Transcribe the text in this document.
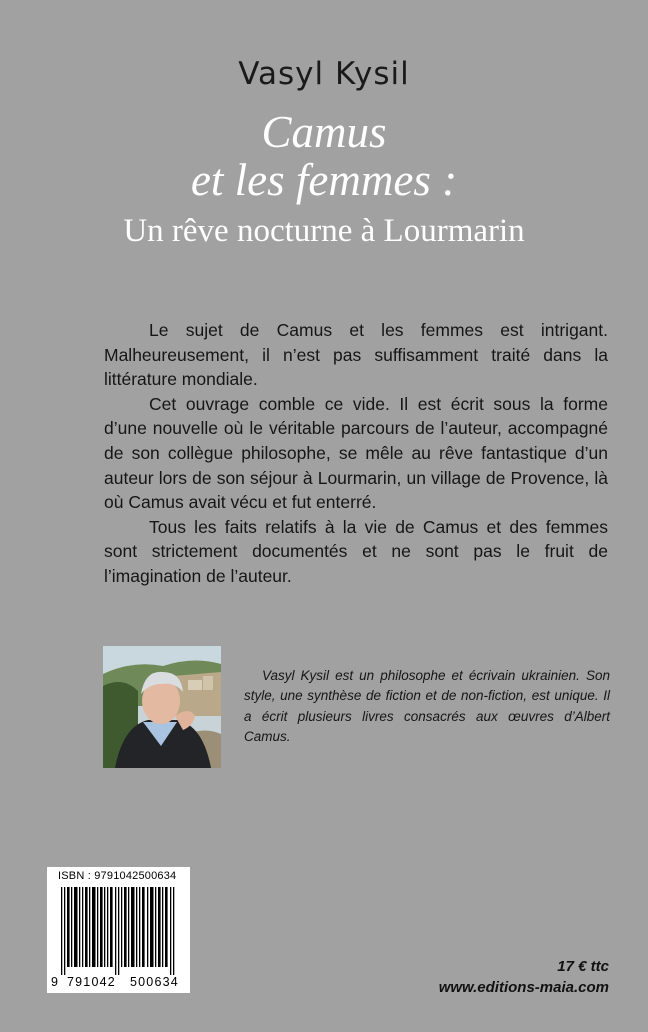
Vasyl Kysil
Camus
et les femmes :
Un rêve nocturne à Lourmarin

Le sujet de Camus et les femmes est intrigant. Malheureusement, il n’est pas suffisamment traité dans la littérature mondiale.

Cet ouvrage comble ce vide. Il est écrit sous la forme d’une nouvelle où le véritable parcours de l’auteur, accompagné de son collègue philosophe, se mêle au rêve fantastique d’un auteur lors de son séjour à Lourmarin, un village de Provence, là où Camus avait vécu et fut enterré.

Tous les faits relatifs à la vie de Camus et des femmes sont strictement documentés et ne sont pas le fruit de l’imagination de l’auteur.

Vasyl Kysil est un philosophe et écrivain ukrainien. Son style, une synthèse de fiction et de non-fiction, est unique. Il a écrit plusieurs livres consacrés aux œuvres d’Albert Camus.
ISBN : 9791042500634
9 791042 500634
17 € ttc
www.editions-maia.com
